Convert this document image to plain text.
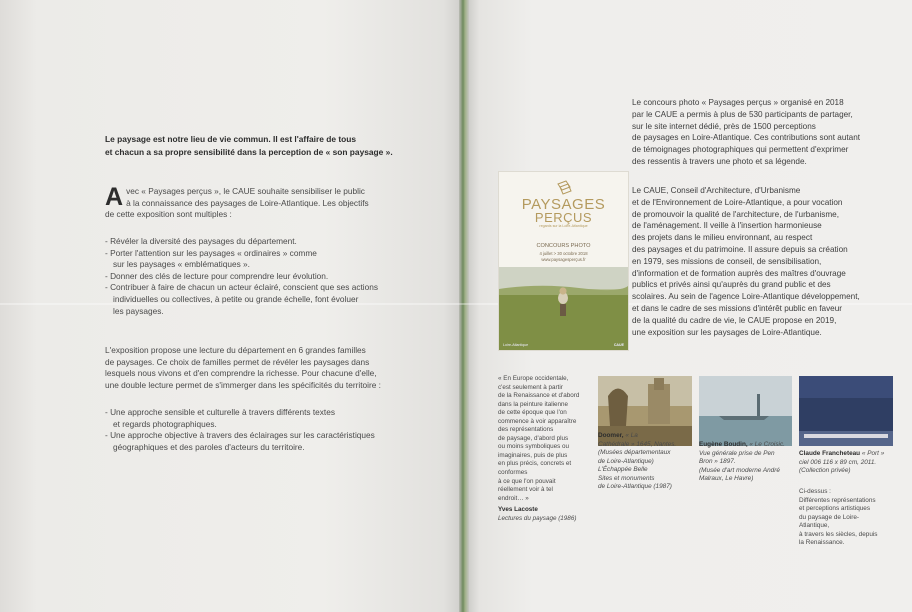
Le paysage est notre lieu de vie commun. Il est l'affaire de tous
et chacun a sa propre sensibilité dans la perception de « son paysage ».
A vec « Paysages perçus », le CAUE souhaite sensibiliser le public
à la connaissance des paysages de Loire-Atlantique. Les objectifs
de cette exposition sont multiples :
- Révéler la diversité des paysages du département.
- Porter l'attention sur les paysages « ordinaires » comme
sur les paysages « emblématiques ».
- Donner des clés de lecture pour comprendre leur évolution.
- Contribuer à faire de chacun un acteur éclairé, conscient que ses actions
individuelles ou collectives, à petite ou grande échelle, font évoluer
les paysages.
L'exposition propose une lecture du département en 6 grandes familles
de paysages. Ce choix de familles permet de révéler les paysages dans
lesquels nous vivons et d'en comprendre la richesse. Pour chacune d'elle,
une double lecture permet de s'immerger dans les spécificités du territoire :
- Une approche sensible et culturelle à travers différents textes
et regards photographiques.
- Une approche objective à travers des éclairages sur les caractéristiques
géographiques et des paroles d'acteurs du territoire.
PAYSAGES
PERÇUS
regards sur la Loire-Atlantique
CONCOURS PHOTO
4 juillet > 30 octobre 2018
www.paysagesperçus.fr
Loire-Atlantique	CAUE
Le concours photo « Paysages perçus » organisé en 2018
par le CAUE a permis à plus de 530 participants de partager,
sur le site internet dédié, près de 1500 perceptions
de paysages en Loire-Atlantique. Ces contributions sont autant
de témoignages photographiques qui permettent d'exprimer
des ressentis à travers une photo et sa légende.
Le CAUE, Conseil d'Architecture, d'Urbanisme
et de l'Environnement de Loire-Atlantique, a pour vocation
de promouvoir la qualité de l'architecture, de l'urbanisme,
de l'aménagement. Il veille à l'insertion harmonieuse
des projets dans le milieu environnant, au respect
des paysages et du patrimoine. Il assure depuis sa création
en 1979, ses missions de conseil, de sensibilisation,
d'information et de formation auprès des maîtres d'ouvrage
publics et privés ainsi qu'auprès du grand public et des
scolaires. Au sein de l'agence Loire-Atlantique développement,
et dans le cadre de ses missions d'intérêt public en faveur
de la qualité du cadre de vie, le CAUE propose en 2019,
une exposition sur les paysages de Loire-Atlantique.
« En Europe occidentale,
c'est seulement à partir
de la Renaissance et d'abord
dans la peinture italienne
de cette époque que l'on
commence à voir apparaître
des représentations
de paysage, d'abord plus
ou moins symboliques ou
imaginaires, puis de plus
en plus précis, concrets et
conformes
à ce que l'on pouvait
réellement voir à tel
endroit… »
Yves Lacoste
Lectures du paysage (1986)
Doomer, « La
Cathédrale » 1645, Nantes.
(Musées départementaux
de Loire-Atlantique)
L'Échappée Belle
Sites et monuments
de Loire-Atlantique (1987)
Eugène Boudin, « Le Croisic.
Vue générale prise de Pen
Bron » 1897.
(Musée d'art moderne André
Malraux, Le Havre)
Claude Francheteau « Port »
ciel 006 116 x 89 cm, 2011.
(Collection privée)
Ci-dessus :
Différentes représentations
et perceptions artistiques
du paysage de Loire-
Atlantique,
à travers les siècles, depuis
la Renaissance.
